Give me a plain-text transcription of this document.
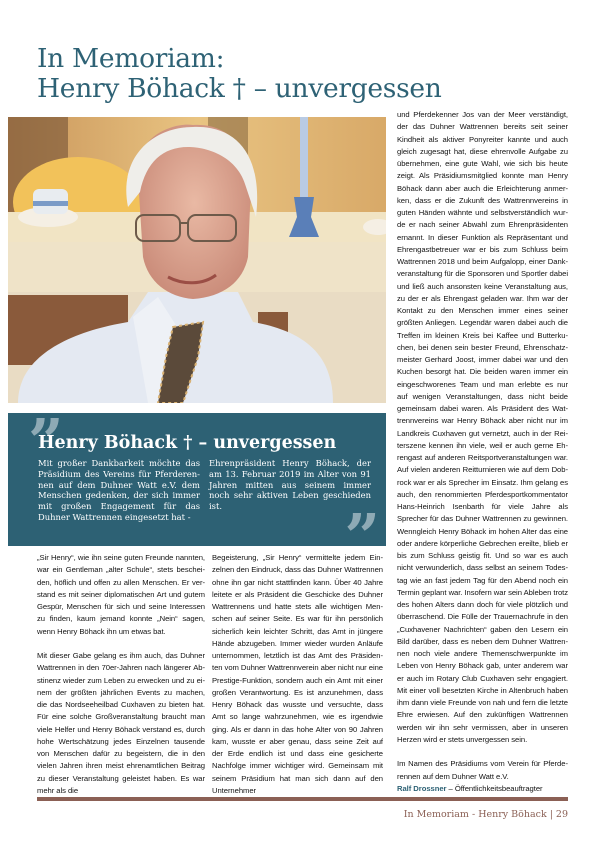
In Memoriam:
Henry Böhack † – unvergessen
”
Henry Böhack † – unvergessen

Mit großer Dankbarkeit möchte das Präsidium des Vereins für Pferderennen auf dem Duhner Watt e.V. dem Menschen gedenken, der sich immer mit großen Engagement für das Duhner Wattrennen eingesetzt hat -

Ehrenpräsident Henry Böhack, der am 13. Februar 2019 im Alter von 91 Jahren mitten aus seinem immer noch sehr aktiven Leben geschieden ist.	”

„Sir Henry“, wie ihn seine guten Freunde nannten, war ein Gentleman „alter Schule“, stets bescheiden, höflich und offen zu allen Menschen. Er verstand es mit seiner diplomatischen Art und gutem Gespür, Menschen für sich und seine Interessen zu finden, kaum jemand konnte „Nein“ sagen, wenn Henry Böhack ihn um etwas bat.

Mit dieser Gabe gelang es ihm auch, das Duhner Wattrennen in den 70er-Jahren nach längerer Abstinenz wieder zum Leben zu erwecken und zu einem der größten jährlichen Events zu machen, die das Nordseeheilbad Cuxhaven zu bieten hat. Für eine solche Großveranstaltung braucht man viele Helfer und Henry Böhack verstand es, durch hohe Wertschätzung jedes Einzelnen tausende von Menschen dafür zu begeistern, die in den vielen Jahren ihren meist ehrenamtlichen Beitrag zu dieser Veranstaltung geleistet haben. Es war mehr als die

Begeisterung, „Sir Henry“ vermittelte jedem Einzelnen den Eindruck, dass das Duhner Wattrennen ohne ihn gar nicht stattfinden kann. Über 40 Jahre leitete er als Präsident die Geschicke des Duhner Wattrennens und hatte stets alle wichtigen Menschen auf seiner Seite. Es war für ihn persönlich sicherlich kein leichter Schritt, das Amt in jüngere Hände abzugeben. Immer wieder wurden Anläufe unternommen, letztlich ist das Amt des Präsidenten vom Duhner Wattrennverein aber nicht nur eine Prestige-Funktion, sondern auch ein Amt mit einer großen Verantwortung. Es ist anzunehmen, dass Henry Böhack das wusste und versuchte, dass Amt so lange wahrzunehmen, wie es irgendwie ging. Als er dann in das hohe Alter von 90 Jahren kam, wusste er aber genau, dass seine Zeit auf der Erde endlich ist und dass eine gesicherte Nachfolge immer wichtiger wird. Gemeinsam mit seinem Präsidium hat man sich dann auf den Unternehmer

und Pferdekenner Jos van der Meer verständigt, der das Duhner Wattrennen bereits seit seiner Kindheit als aktiver Ponyreiter kannte und auch gleich zugesagt hat, diese ehrenvolle Aufgabe zu übernehmen, eine gute Wahl, wie sich bis heute zeigt. Als Präsidiumsmitglied konnte man Henry Böhack dann aber auch die Erleichterung anmerken, dass er die Zukunft des Wattrennvereins in guten Händen wähnte und selbstverständlich wurde er nach seiner Abwahl zum Ehrenpräsidenten ernannt. In dieser Funktion als Repräsentant und Ehrengastbetreuer war er bis zum Schluss beim Wattrennen 2018 und beim Aufgalopp, einer Dankveranstaltung für die Sponsoren und Sportler dabei und ließ auch ansonsten keine Veranstaltung aus, zu der er als Ehrengast geladen war. Ihm war der Kontakt zu den Menschen immer eines seiner größten Anliegen. Legendär waren dabei auch die Treffen im kleinen Kreis bei Kaffee und Butterkuchen, bei denen sein bester Freund, Ehrenschatzmeister Gerhard Joost, immer dabei war und den Kuchen besorgt hat. Die beiden waren immer ein eingeschworenes Team und man erlebte es nur auf wenigen Veranstaltungen, dass nicht beide gemeinsam dabei waren. Als Präsident des Wattrennvereins war Henry Böhack aber nicht nur im Landkreis Cuxhaven gut vernetzt, auch in der Reiterszene kennen ihn viele, weil er auch gerne Ehrengast auf anderen Reitsportveranstaltungen war. Auf vielen anderen Reitturnieren wie auf dem Dobrock war er als Sprecher im Einsatz. Ihm gelang es auch, den renommierten Pferdesportkommentator Hans-Heinrich Isenbarth für viele Jahre als Sprecher für das Duhner Wattrennen zu gewinnen. Wenngleich Henry Böhack im hohen Alter das eine oder andere körperliche Gebrechen ereilte, blieb er bis zum Schluss geistig fit. Und so war es auch nicht verwunderlich, dass selbst an seinem Todestag wie an fast jedem Tag für den Abend noch ein Termin geplant war. Insofern war sein Ableben trotz des hohen Alters dann doch für viele plötzlich und überraschend. Die Fülle der Trauernachrufe in den „Cuxhavener Nachrichten“ gaben den Lesern ein Bild darüber, dass es neben dem Duhner Wattrennen noch viele andere Themenschwerpunkte im Leben von Henry Böhack gab, unter anderem war er auch im Rotary Club Cuxhaven sehr engagiert. Mit einer voll besetzten Kirche in Altenbruch haben ihm dann viele Freunde von nah und fern die letzte Ehre erwiesen. Auf den zukünftigen Wattrennen werden wir ihn sehr vermissen, aber in unseren Herzen wird er stets unvergessen sein.

Im Namen des Präsidiums vom Verein für Pferderennen auf dem Duhner Watt e.V.
Ralf Drossner – Öffentlichkeitsbeauftragter

In Memoriam - Henry Böhack | 29
